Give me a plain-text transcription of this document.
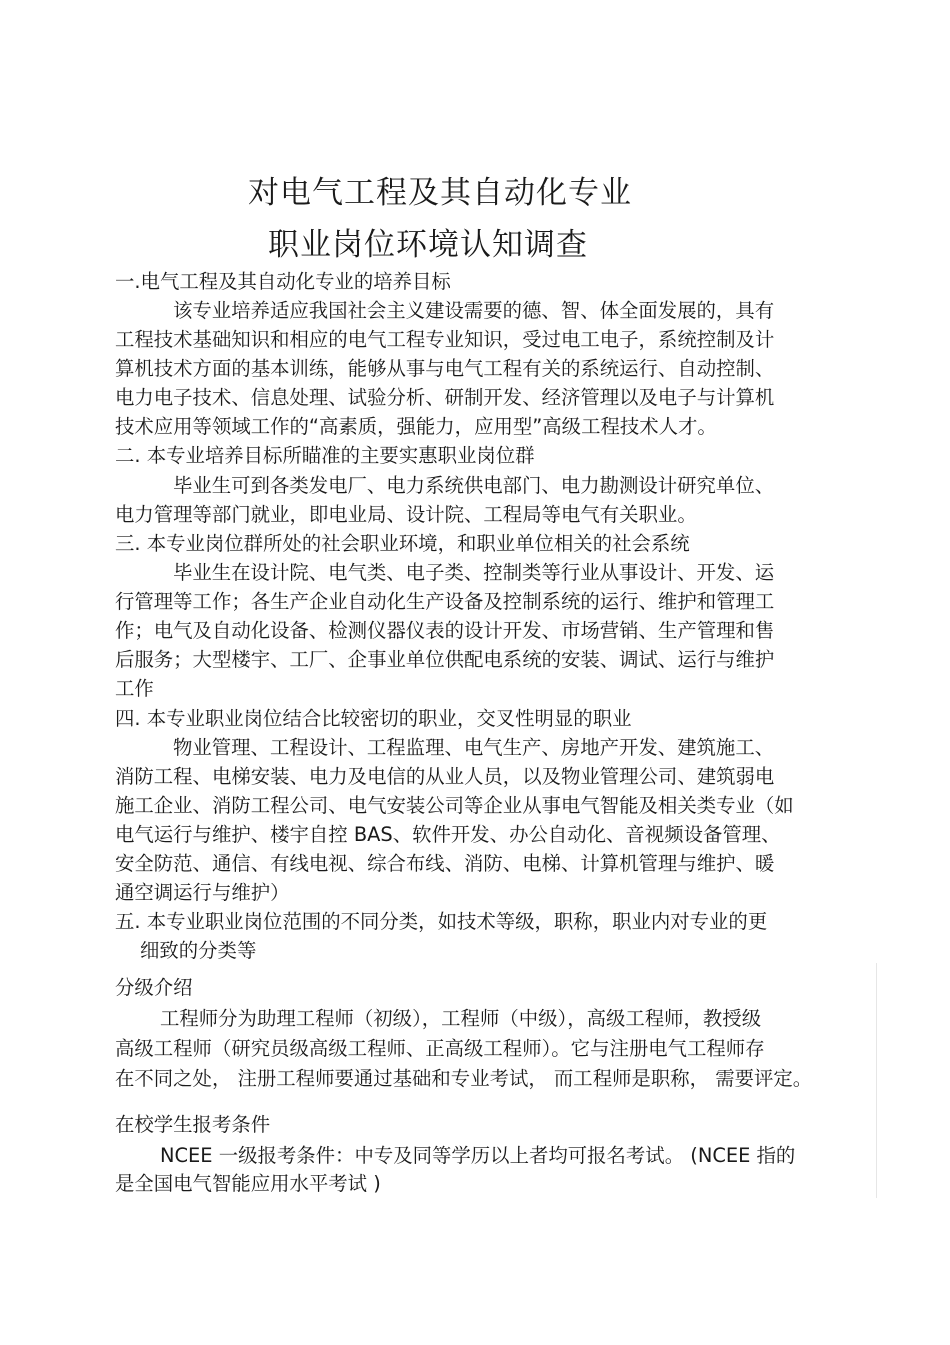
对电气工程及其自动化专业
职业岗位环境认知调查
一.电气工程及其自动化专业的培养目标
该专业培养适应我国社会主义建设需要的德、智、体全面发展的，具有
工程技术基础知识和相应的电气工程专业知识，受过电工电子，系统控制及计
算机技术方面的基本训练，能够从事与电气工程有关的系统运行、自动控制、
电力电子技术、信息处理、试验分析、研制开发、经济管理以及电子与计算机
技术应用等领域工作的“高素质，强能力，应用型”高级工程技术人才。
二. 本专业培养目标所瞄准的主要实惠职业岗位群
毕业生可到各类发电厂、电力系统供电部门、电力勘测设计研究单位、
电力管理等部门就业，即电业局、设计院、工程局等电气有关职业。
三. 本专业岗位群所处的社会职业环境，和职业单位相关的社会系统
毕业生在设计院、电气类、电子类、控制类等行业从事设计、开发、运
行管理等工作；各生产企业自动化生产设备及控制系统的运行、维护和管理工
作；电气及自动化设备、检测仪器仪表的设计开发、市场营销、生产管理和售
后服务；大型楼宇、工厂、企事业单位供配电系统的安装、调试、运行与维护
工作
四. 本专业职业岗位结合比较密切的职业，交叉性明显的职业
物业管理、工程设计、工程监理、电气生产、房地产开发、建筑施工、
消防工程、电梯安装、电力及电信的从业人员，以及物业管理公司、建筑弱电
施工企业、消防工程公司、电气安装公司等企业从事电气智能及相关类专业（如
电气运行与维护、楼宇自控 BAS、软件开发、办公自动化、音视频设备管理、
安全防范、通信、有线电视、综合布线、消防、电梯、计算机管理与维护、暖
通空调运行与维护）
五. 本专业职业岗位范围的不同分类，如技术等级，职称，职业内对专业的更
细致的分类等
分级介绍
工程师分为助理工程师（初级），工程师（中级），高级工程师，教授级
高级工程师（研究员级高级工程师、正高级工程师）。它与注册电气工程师存
在不同之处， 注册工程师要通过基础和专业考试， 而工程师是职称， 需要评定。
在校学生报考条件
NCEE 一级报考条件：中专及同等学历以上者均可报名考试。 (NCEE 指的
是全国电气智能应用水平考试 )
